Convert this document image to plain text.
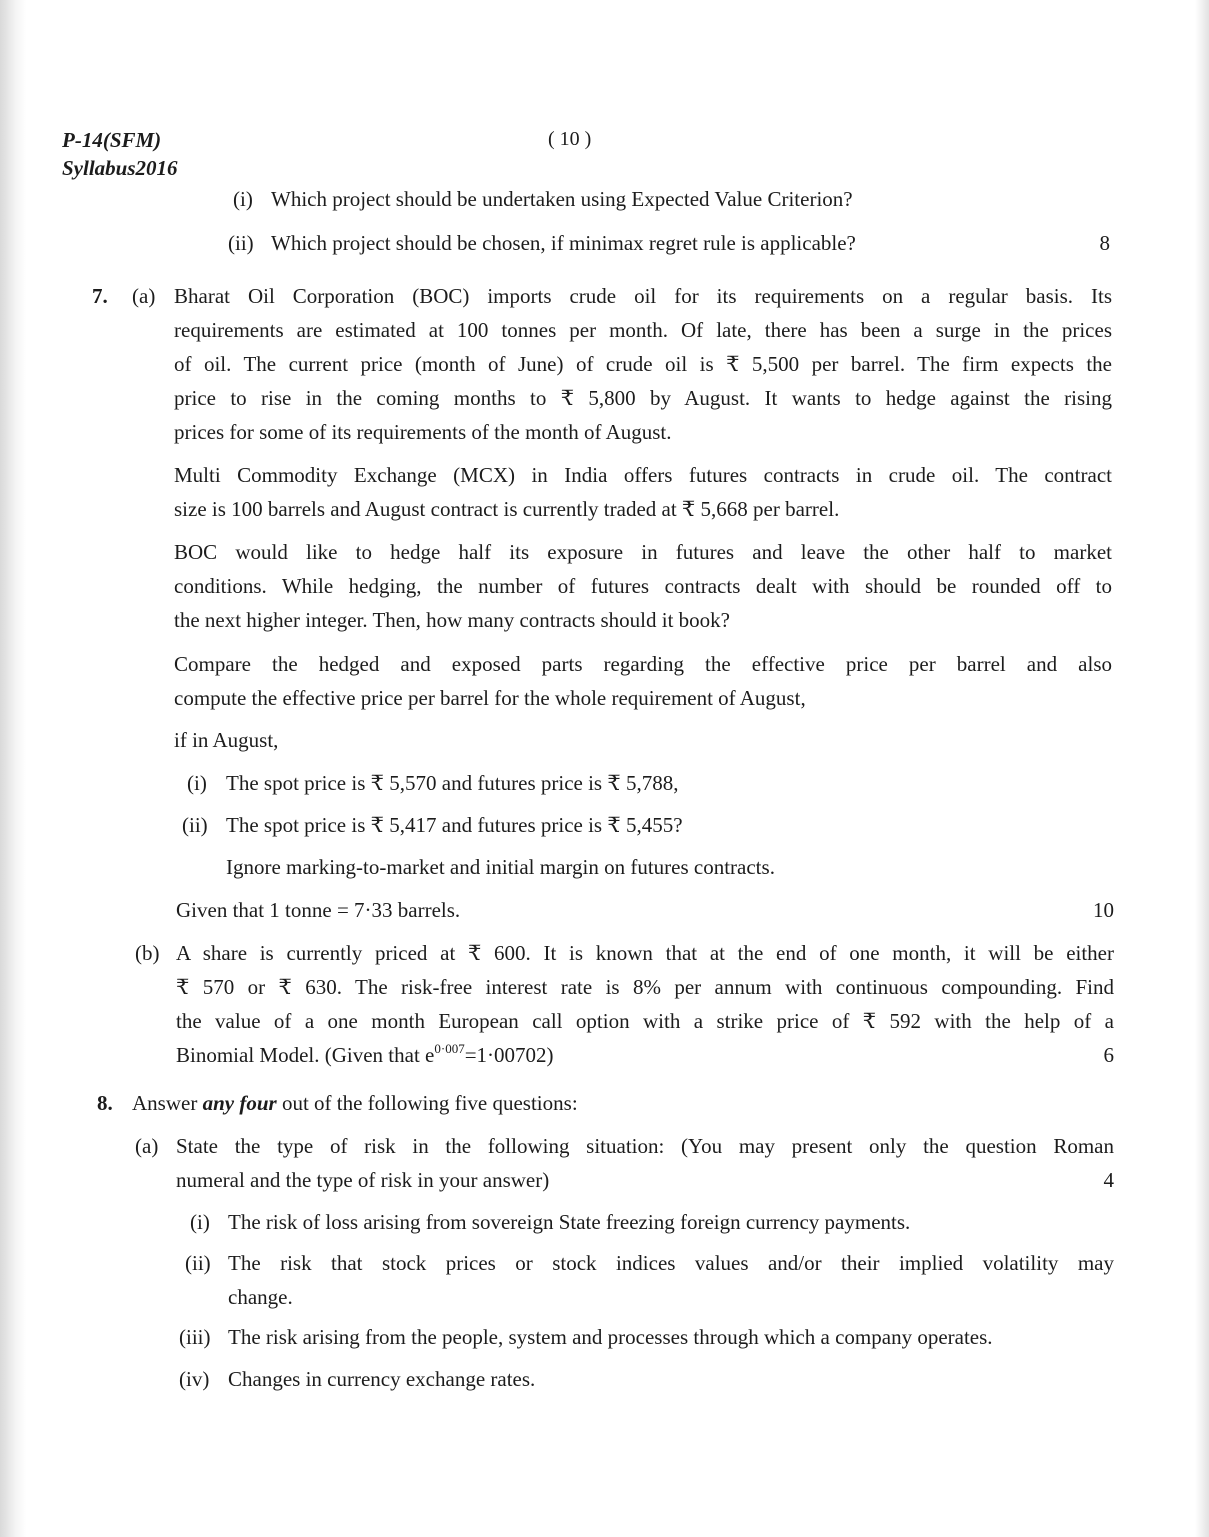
P-14(SFM)
Syllabus2016
( 10 )
(i) Which project should be undertaken using Expected Value Criterion?
(ii) Which project should be chosen, if minimax regret rule is applicable?	8
7. (a) Bharat Oil Corporation (BOC) imports crude oil for its requirements on a regular basis. Its
requirements are estimated at 100 tonnes per month. Of late, there has been a surge in the prices
of oil. The current price (month of June) of crude oil is ₹ 5,500 per barrel. The firm expects the
price to rise in the coming months to ₹ 5,800 by August. It wants to hedge against the rising
prices for some of its requirements of the month of August.
Multi Commodity Exchange (MCX) in India offers futures contracts in crude oil. The contract
size is 100 barrels and August contract is currently traded at ₹ 5,668 per barrel.
BOC would like to hedge half its exposure in futures and leave the other half to market
conditions. While hedging, the number of futures contracts dealt with should be rounded off to
the next higher integer. Then, how many contracts should it book?
Compare the hedged and exposed parts regarding the effective price per barrel and also
compute the effective price per barrel for the whole requirement of August,
if in August,
(i) The spot price is ₹ 5,570 and futures price is ₹ 5,788,
(ii) The spot price is ₹ 5,417 and futures price is ₹ 5,455?
Ignore marking-to-market and initial margin on futures contracts.
Given that 1 tonne = 7·33 barrels.	10
(b) A share is currently priced at ₹ 600. It is known that at the end of one month, it will be either
₹ 570 or ₹ 630. The risk-free interest rate is 8% per annum with continuous compounding. Find
the value of a one month European call option with a strike price of ₹ 592 with the help of a
Binomial Model. (Given that $e^{0\cdot 007}=1\cdot 00702$)	6
8. Answer any four out of the following five questions:
(a) State the type of risk in the following situation: (You may present only the question Roman
numeral and the type of risk in your answer)	4
(i) The risk of loss arising from sovereign State freezing foreign currency payments.
(ii) The risk that stock prices or stock indices values and/or their implied volatility may
change.
(iii) The risk arising from the people, system and processes through which a company operates.
(iv) Changes in currency exchange rates.
